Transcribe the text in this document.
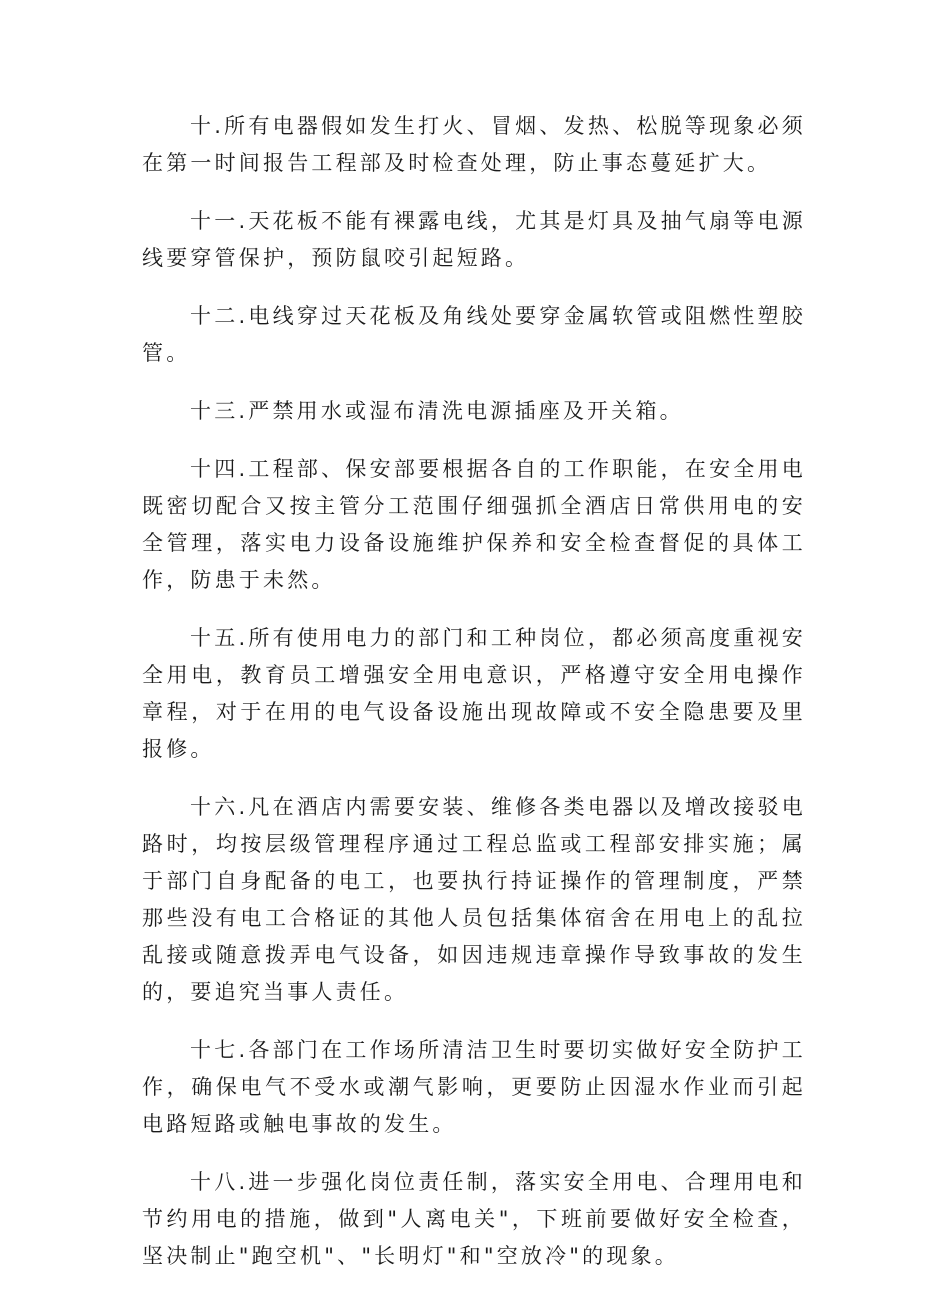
十.所有电器假如发生打火、冒烟、发热、松脱等现象必须在第一时间报告工程部及时检查处理，防止事态蔓延扩大。

十一.天花板不能有裸露电线，尤其是灯具及抽气扇等电源线要穿管保护，预防鼠咬引起短路。

十二.电线穿过天花板及角线处要穿金属软管或阻燃性塑胶管。

十三.严禁用水或湿布清洗电源插座及开关箱。

十四.工程部、保安部要根据各自的工作职能，在安全用电既密切配合又按主管分工范围仔细强抓全酒店日常供用电的安全管理，落实电力设备设施维护保养和安全检查督促的具体工作，防患于未然。

十五.所有使用电力的部门和工种岗位，都必须高度重视安全用电，教育员工增强安全用电意识，严格遵守安全用电操作章程，对于在用的电气设备设施出现故障或不安全隐患要及里报修。

十六.凡在酒店内需要安装、维修各类电器以及增改接驳电路时，均按层级管理程序通过工程总监或工程部安排实施；属于部门自身配备的电工，也要执行持证操作的管理制度，严禁那些没有电工合格证的其他人员包括集体宿舍在用电上的乱拉乱接或随意拨弄电气设备，如因违规违章操作导致事故的发生的，要追究当事人责任。

十七.各部门在工作场所清洁卫生时要切实做好安全防护工作，确保电气不受水或潮气影响，更要防止因湿水作业而引起电路短路或触电事故的发生。

十八.进一步强化岗位责任制，落实安全用电、合理用电和节约用电的措施，做到"人离电关"，下班前要做好安全检查，坚决制止"跑空机"、"长明灯"和"空放冷"的现象。
